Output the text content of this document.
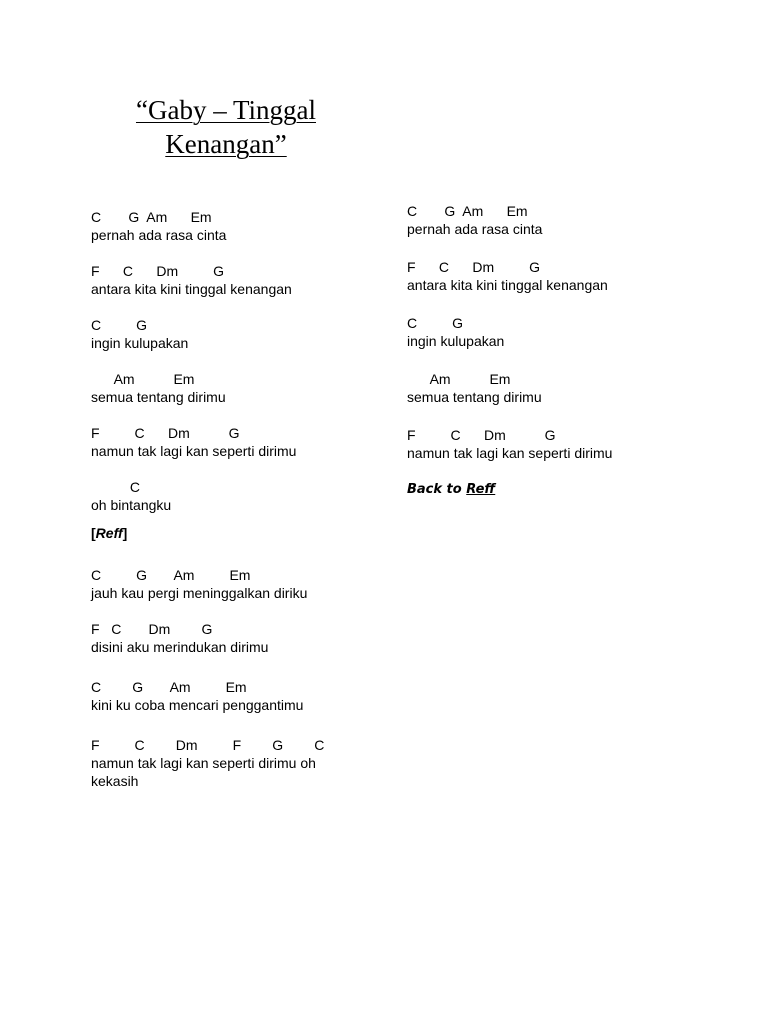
“Gaby – Tinggal
Kenangan”
C       G  Am      Em
pernah ada rasa cinta
F      C      Dm         G
antara kita kini tinggal kenangan
C         G
ingin kulupakan
Am          Em
semua tentang dirimu
F         C      Dm          G
namun tak lagi kan seperti dirimu
C
oh bintangku
[Reff]
C         G       Am         Em
jauh kau pergi meninggalkan diriku
F   C       Dm        G
disini aku merindukan dirimu
C        G       Am         Em
kini ku coba mencari penggantimu
F         C        Dm         F        G        C
namun tak lagi kan seperti dirimu oh
kekasih
C       G  Am      Em
pernah ada rasa cinta
F      C      Dm         G
antara kita kini tinggal kenangan
C         G
ingin kulupakan
Am          Em
semua tentang dirimu
F         C      Dm          G
namun tak lagi kan seperti dirimu
Back to Reff
